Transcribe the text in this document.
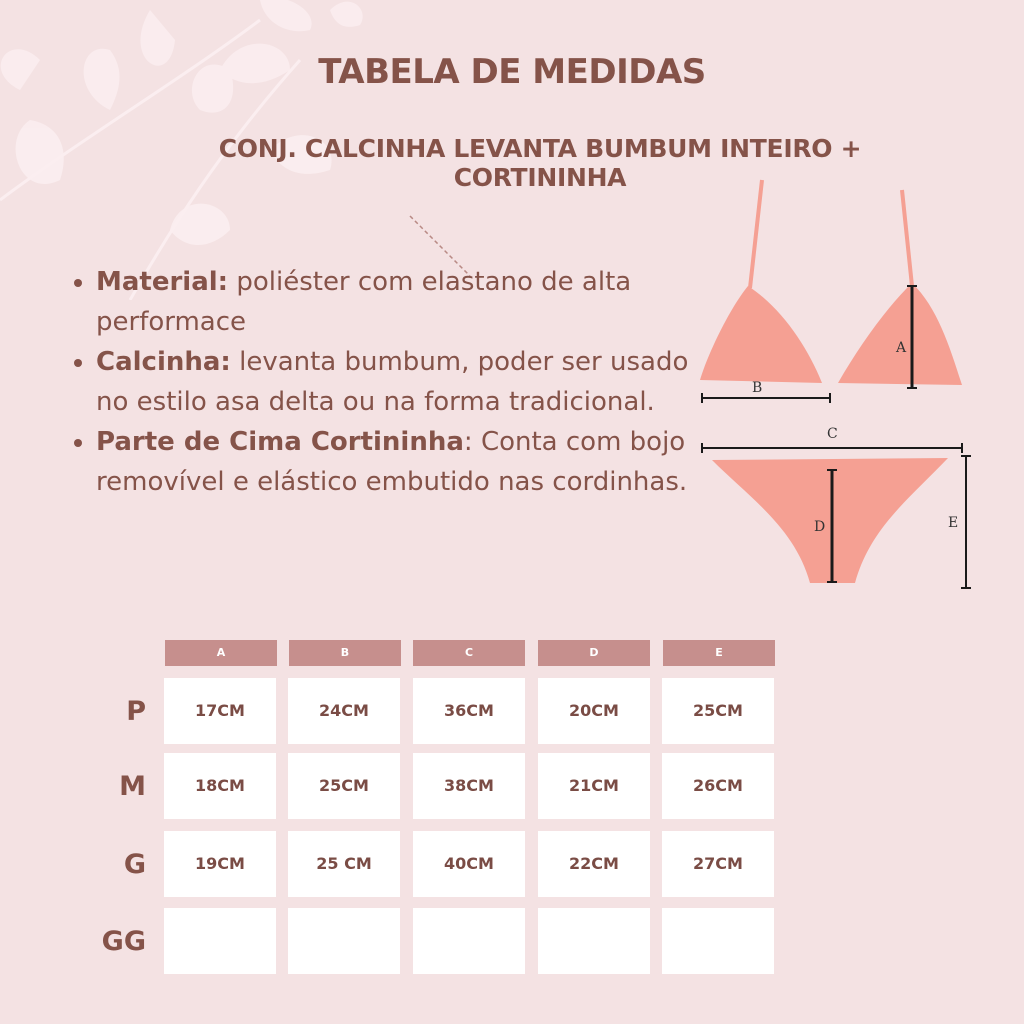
TABELA DE MEDIDAS
CONJ. CALCINHA LEVANTA BUMBUM INTEIRO +
CORTININHA
Material: poliéster com elastano de alta performace
Calcinha: levanta bumbum, poder ser usado no estilo asa delta ou na forma tradicional.
Parte de Cima Cortininha: Conta com bojo removível e elástico embutido nas cordinhas.
A
B
C
D	E
A	B	C	D	E
P	17CM	24CM	36CM	20CM	25CM
M	18CM	25CM	38CM	21CM	26CM
G	19CM	25 CM	40CM	22CM	27CM
GG
